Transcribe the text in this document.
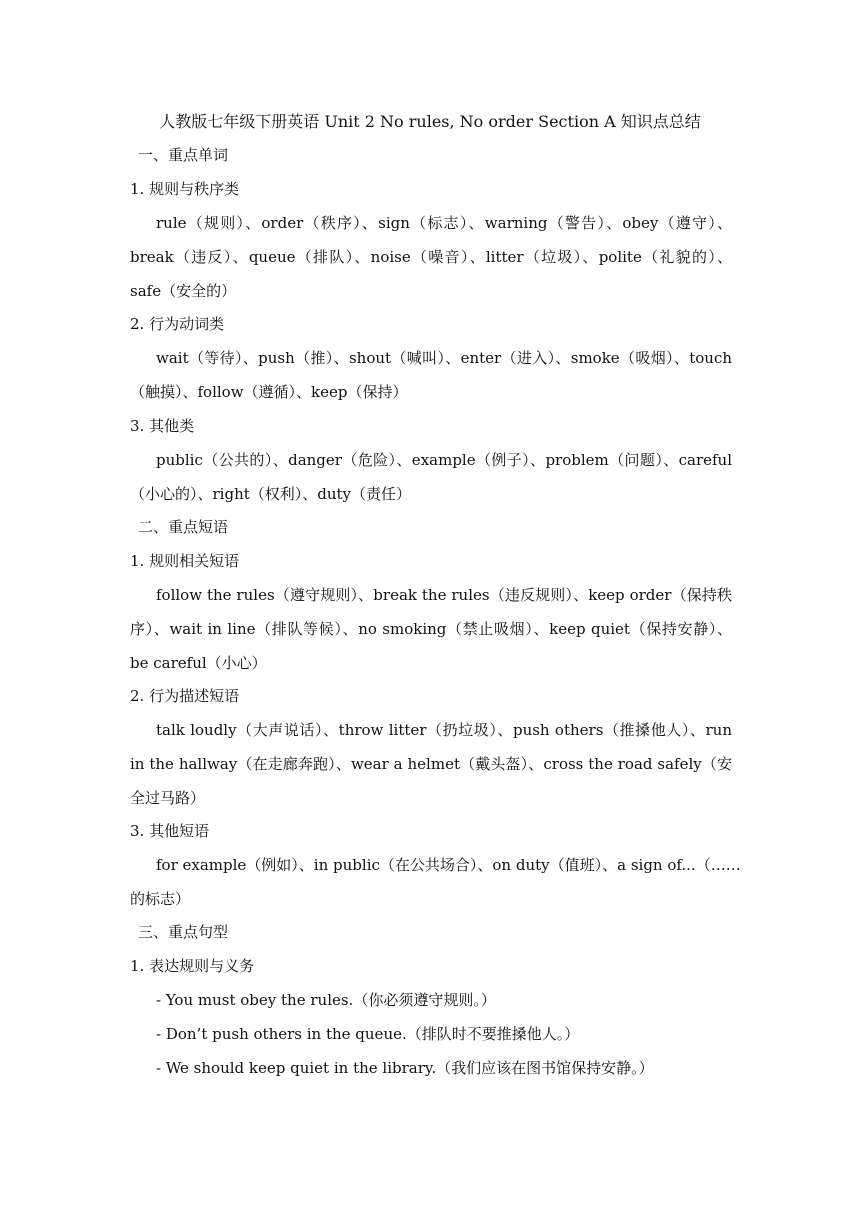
人教版七年级下册英语 Unit 2 No rules, No order Section A 知识点总结
一、重点单词
1. 规则与秩序类
rule（规则）、order（秩序）、sign（标志）、warning（警告）、obey（遵守）、
break（违反）、queue（排队）、noise（噪音）、litter（垃圾）、polite（礼貌的）、
safe（安全的）
2. 行为动词类
wait（等待）、push（推）、shout（喊叫）、enter（进入）、smoke（吸烟）、touch
（触摸）、follow（遵循）、keep（保持）
3. 其他类
public（公共的）、danger（危险）、example（例子）、problem（问题）、careful
（小心的）、right（权利）、duty（责任）
二、重点短语
1. 规则相关短语
follow the rules（遵守规则）、break the rules（违反规则）、keep order（保持秩
序）、wait in line（排队等候）、no smoking（禁止吸烟）、keep quiet（保持安静）、
be careful（小心）
2. 行为描述短语
talk loudly（大声说话）、throw litter（扔垃圾）、push others（推搡他人）、run
in the hallway（在走廊奔跑）、wear a helmet（戴头盔）、cross the road safely（安
全过马路）
3. 其他短语
for example（例如）、in public（在公共场合）、on duty（值班）、a sign of...（……
的标志）
三、重点句型
1. 表达规则与义务
- You must obey the rules.（你必须遵守规则。）
- Don’t push others in the queue.（排队时不要推搡他人。）
- We should keep quiet in the library.（我们应该在图书馆保持安静。）
